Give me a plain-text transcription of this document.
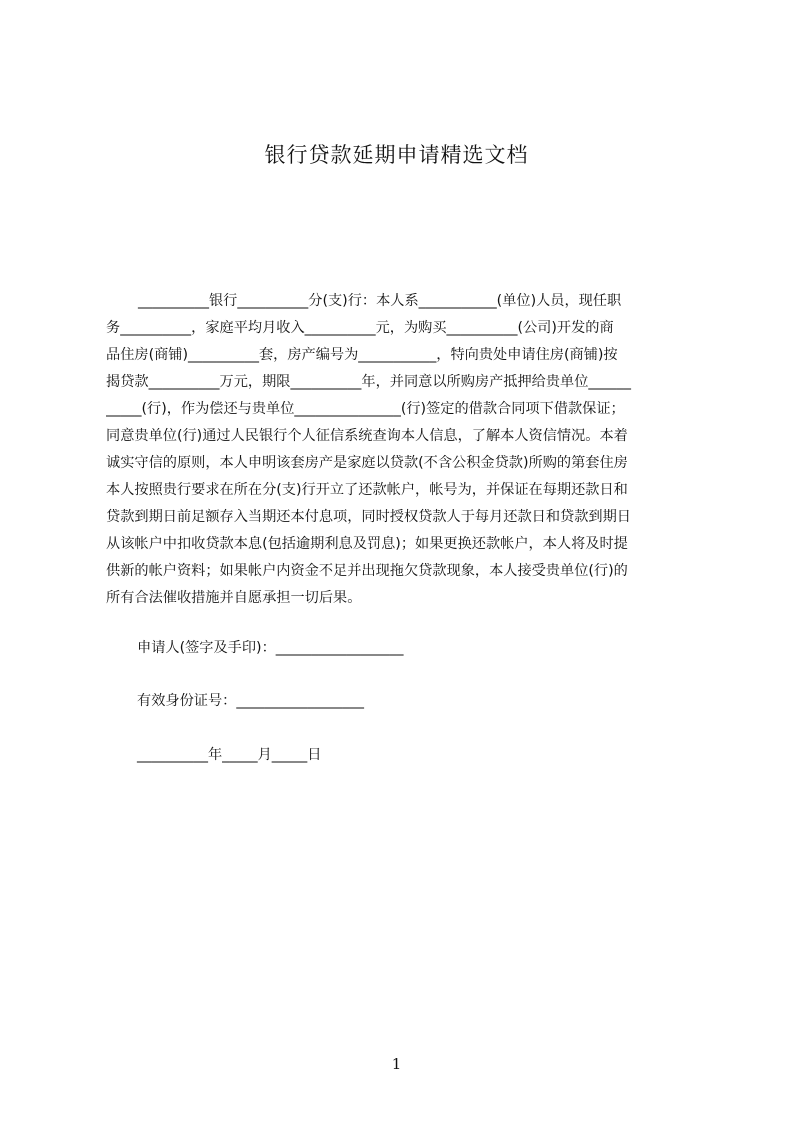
银行贷款延期申请精选文档
__________银行__________分(支)行：本人系___________(单位)人员，现任职
务__________，家庭平均月收入__________元，为购买__________(公司)开发的商
品住房(商铺)__________套，房产编号为___________，特向贵处申请住房(商铺)按
揭贷款__________万元，期限__________年，并同意以所购房产抵押给贵单位______
_____(行)，作为偿还与贵单位_______________(行)签定的借款合同项下借款保证；
同意贵单位(行)通过人民银行个人征信系统查询本人信息，了解本人资信情况。本着
诚实守信的原则，本人申明该套房产是家庭以贷款(不含公积金贷款)所购的第套住房
本人按照贵行要求在所在分(支)行开立了还款帐户，帐号为，并保证在每期还款日和
贷款到期日前足额存入当期还本付息项，同时授权贷款人于每月还款日和贷款到期日
从该帐户中扣收贷款本息(包括逾期利息及罚息)；如果更换还款帐户，本人将及时提
供新的帐户资料；如果帐户内资金不足并出现拖欠贷款现象，本人接受贵单位(行)的
所有合法催收措施并自愿承担一切后果。
申请人(签字及手印)：__________________
有效身份证号：__________________
__________年_____月_____日
1
